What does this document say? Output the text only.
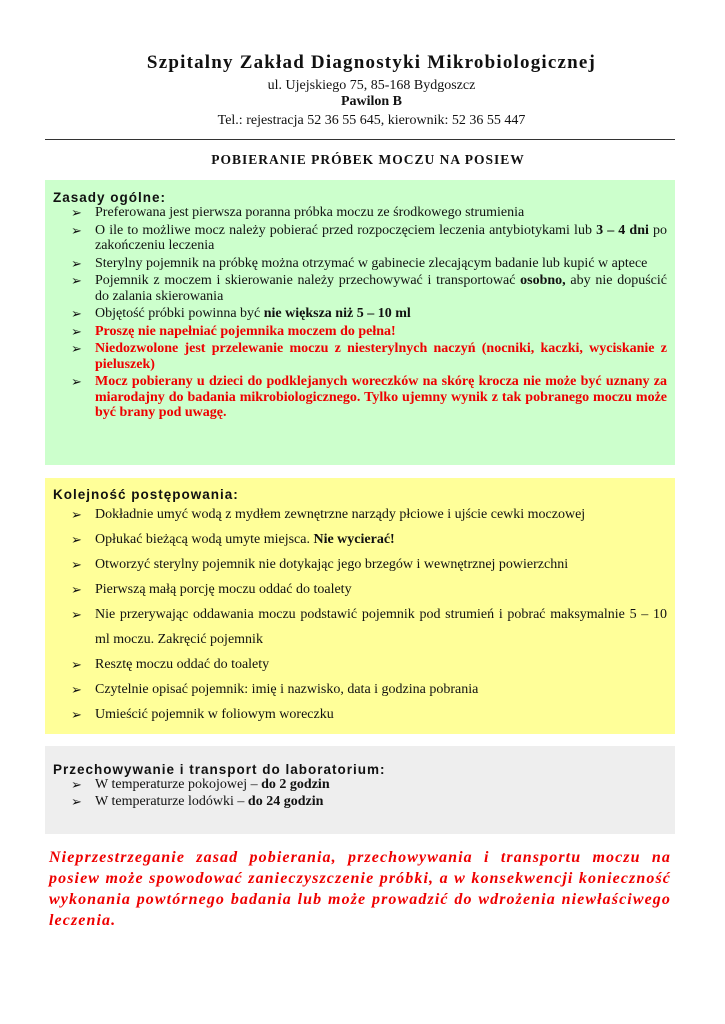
Szpitalny Zakład Diagnostyki Mikrobiologicznej
ul. Ujejskiego 75, 85-168 Bydgoszcz
Pawilon B
Tel.: rejestracja 52 36 55 645, kierownik: 52 36 55 447
POBIERANIE PRÓBEK MOCZU NA POSIEW
Zasady ogólne:
➢ Preferowana jest pierwsza poranna próbka moczu ze środkowego strumienia
➢ O ile to możliwe mocz należy pobierać przed rozpoczęciem leczenia antybiotykami lub 3 – 4 dni po zakończeniu leczenia
➢ Sterylny pojemnik na próbkę można otrzymać w gabinecie zlecającym badanie lub kupić w aptece
➢ Pojemnik z moczem i skierowanie należy przechowywać i transportować osobno, aby nie dopuścić do zalania skierowania
➢ Objętość próbki powinna być nie większa niż 5 – 10 ml
➢ Proszę nie napełniać pojemnika moczem do pełna!
➢ Niedozwolone jest przelewanie moczu z niesterylnych naczyń (nocniki, kaczki, wyciskanie z pieluszek)
➢ Mocz pobierany u dzieci do podklejanych woreczków na skórę krocza nie może być uznany za miarodajny do badania mikrobiologicznego. Tylko ujemny wynik z tak pobranego moczu może być brany pod uwagę.
Kolejność postępowania:
➢ Dokładnie umyć wodą z mydłem zewnętrzne narządy płciowe i ujście cewki moczowej
➢ Opłukać bieżącą wodą umyte miejsca. Nie wycierać!
➢ Otworzyć sterylny pojemnik nie dotykając jego brzegów i wewnętrznej powierzchni
➢ Pierwszą małą porcję moczu oddać do toalety
➢ Nie przerywając oddawania moczu podstawić pojemnik pod strumień i pobrać maksymalnie 5 – 10 ml moczu. Zakręcić pojemnik
➢ Resztę moczu oddać do toalety
➢ Czytelnie opisać pojemnik: imię i nazwisko, data i godzina pobrania
➢ Umieścić pojemnik w foliowym woreczku
Przechowywanie i transport do laboratorium:
➢ W temperaturze pokojowej – do 2 godzin
➢ W temperaturze lodówki – do 24 godzin
Nieprzestrzeganie zasad pobierania, przechowywania i transportu moczu na posiew może spowodować zanieczyszczenie próbki, a w konsekwencji konieczność wykonania powtórnego badania lub może prowadzić do wdrożenia niewłaściwego leczenia.
